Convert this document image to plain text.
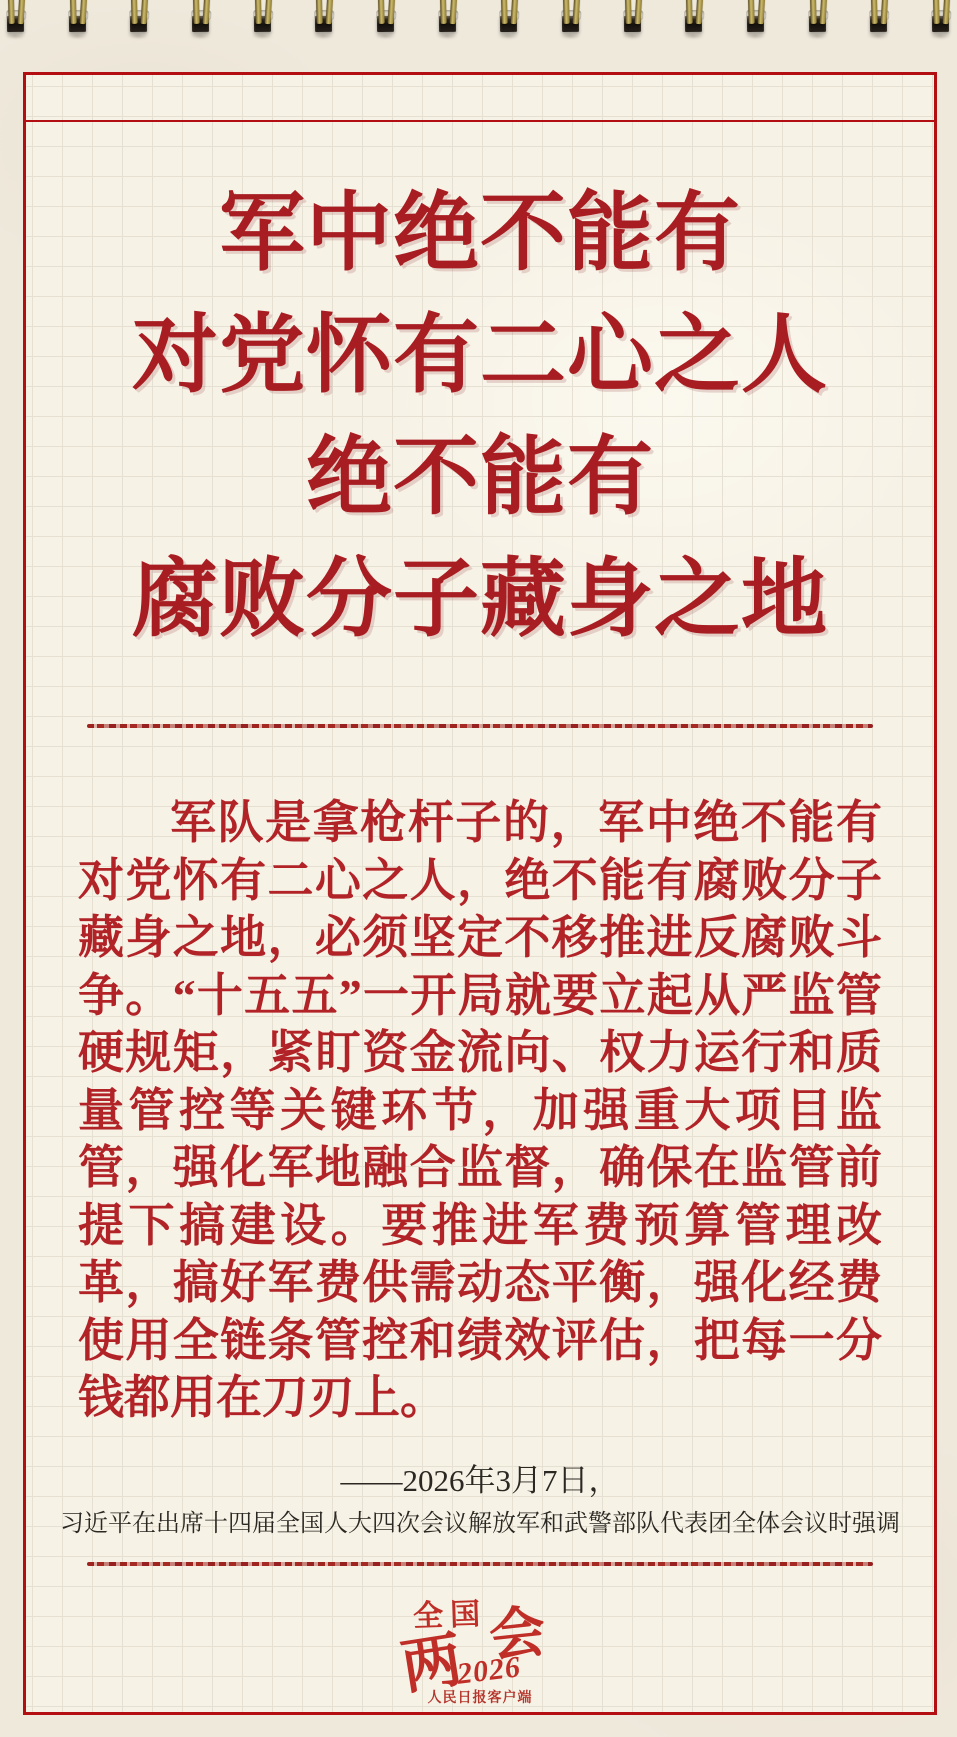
军中绝不能有
对党怀有二心之人
绝不能有
腐败分子藏身之地

军队是拿枪杆子的，军中绝不能有对党怀有二心之人，绝不能有腐败分子藏身之地，必须坚定不移推进反腐败斗争。“十五五”一开局就要立起从严监管硬规矩，紧盯资金流向、权力运行和质量管控等关键环节，加强重大项目监管，强化军地融合监督，确保在监管前提下搞建设。要推进军费预算管理改革，搞好军费供需动态平衡，强化经费使用全链条管控和绩效评估，把每一分钱都用在刀刃上。

——2026年3月7日，
习近平在出席十四届全国人大四次会议解放军和武警部队代表团全体会议时强调
全国
会
两
2026
人民日报客户端
